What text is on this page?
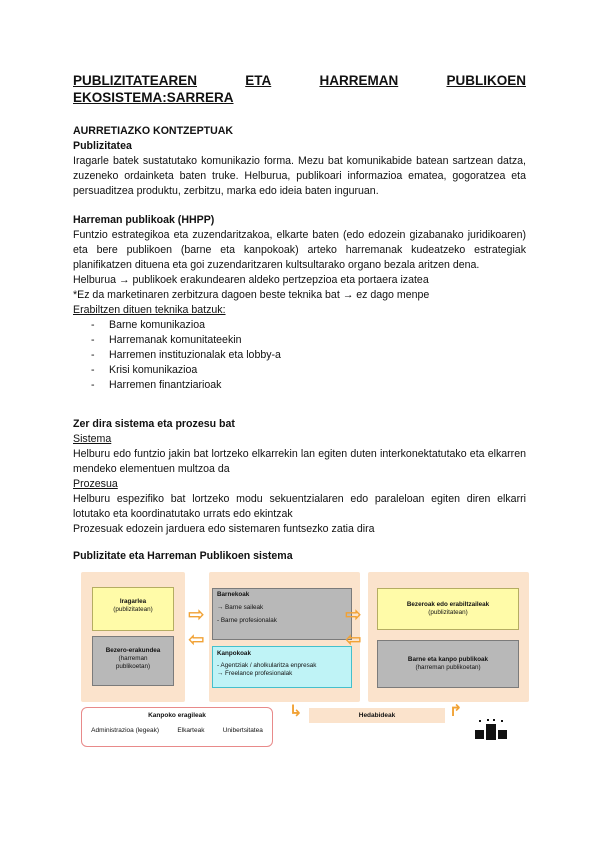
PUBLIZITATEAREN	ETA	HARREMAN	PUBLIKOEN
EKOSISTEMA:SARRERA
AURRETIAZKO KONTZEPTUAK
Publizitatea
Iragarle batek sustatutako komunikazio forma. Mezu bat komunikabide batean sartzean datza, zuzeneko ordainketa baten truke. Helburua, publikoari informazioa ematea, gogoratzea eta persuaditzea produktu, zerbitzu, marka edo ideia baten inguruan.
Harreman publikoak (HHPP)
Funtzio estrategikoa eta zuzendaritzakoa, elkarte baten (edo edozein gizabanako juridikoaren) eta bere publikoen (barne eta kanpokoak) arteko harremanak kudeatzeko estrategiak planifikatzen dituena eta goi zuzendaritzaren kultsultarako organo bezala aritzen dena.
Helburua → publikoek erakundearen aldeko pertzepzioa eta portaera izatea
*Ez da marketinaren zerbitzura dagoen beste teknika bat → ez dago menpe
Erabiltzen dituen teknika batzuk:
- Barne komunikazioa
- Harremanak komunitateekin
- Harremen instituzionalak eta lobby-a
- Krisi komunikazioa
- Harremen finantziarioak
Zer dira sistema eta prozesu bat
Sistema
Helburu edo funtzio jakin bat lortzeko elkarrekin lan egiten duten interkonektatutako eta elkarren mendeko elementuen multzoa da
Prozesua
Helburu espezifiko bat lortzeko modu sekuentzialaren edo paraleloan egiten diren elkarri lotutako eta koordinatutako urrats edo ekintzak
Prozesuak edozein jarduera edo sistemaren funtsezko zatia dira
Publizitate eta Harreman Publikoen sistema
Iragarlea
(publizitatean)
Bezero-erakundea
(harreman publikoetan)
⇨
⇦
Barnekoak
→ Barne saileak
- Barne profesionalak
Kanpokoak
- Agentziak / aholkularitza enpresak
→ Freelance profesionalak
⇨
⇦
Bezeroak edo erabiltzaileak
(publizitatean)
Barne eta kanpo publikoak
(harreman publikoetan)
Kanpoko eragileak
Administrazioa (legeak)	Elkarteak	Unibertsitatea
↳	Hedabideak	↱
